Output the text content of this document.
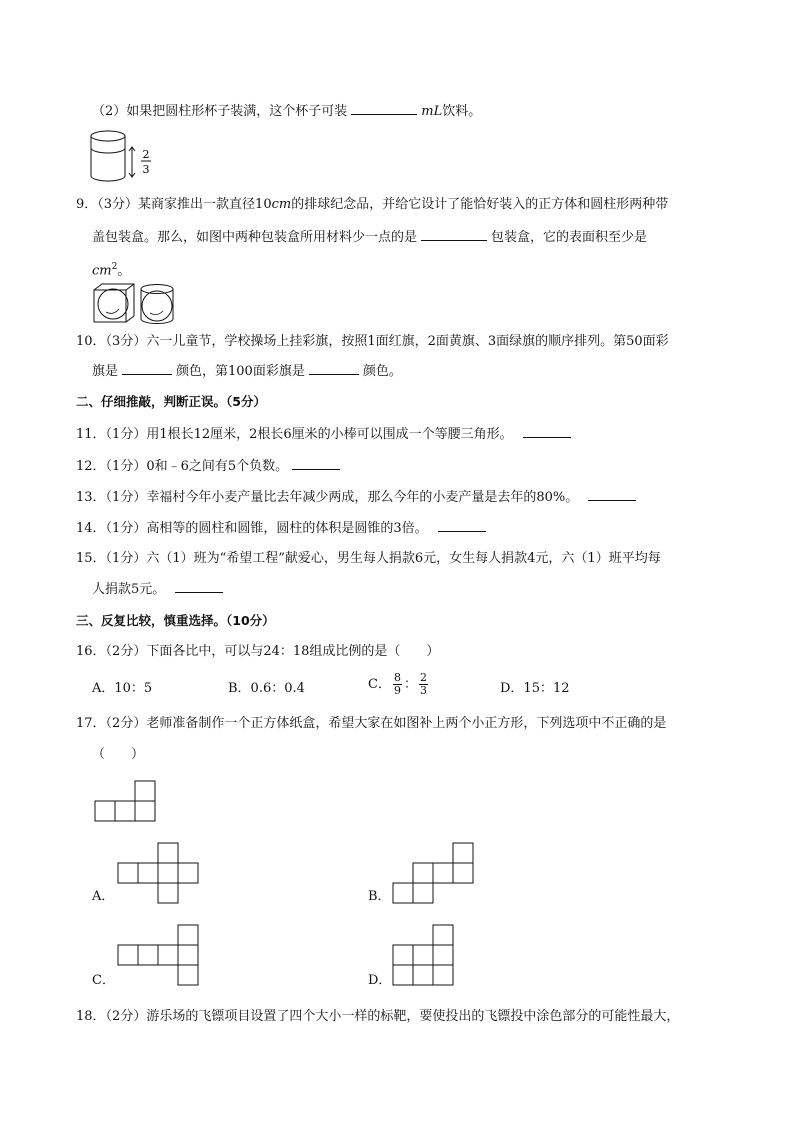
（2）如果把圆柱形杯子装满，这个杯子可装	mL饮料。
2
3
9．（3分）某商家推出一款直径10cm的排球纪念品，并给它设计了能恰好装入的正方体和圆柱形两种带
盖包装盒。那么，如图中两种包装盒所用材料少一点的是	包装盒，它的表面积至少是
$cm^2$。
10．（3分）六一儿童节，学校操场上挂彩旗，按照1面红旗，2面黄旗、3面绿旗的顺序排列。第50面彩
旗是	颜色，第100面彩旗是	颜色。
二、仔细推敲，判断正误。（5分）
11．（1分）用1根长12厘米，2根长6厘米的小棒可以围成一个等腰三角形。
12．（1分）0和﹣6之间有5个负数。
13．（1分）幸福村今年小麦产量比去年减少两成，那么今年的小麦产量是去年的80%。
14．（1分）高相等的圆柱和圆锥，圆柱的体积是圆锥的3倍。
15．（1分）六（1）班为“希望工程”献爱心，男生每人捐款6元，女生每人捐款4元，六（1）班平均每
人捐款5元。
三、反复比较，慎重选择。（10分）
16．（2分）下面各比中，可以与24：18组成比例的是（　　）
A．10：5	B．0.6：0.4	C． $\frac{8}{9}$ ： $\frac{2}{3}$	D．15：12
17．（2分）老师准备制作一个正方体纸盒，希望大家在如图补上两个小正方形，下列选项中不正确的是
（　　）
A．	B．
C．	D．
18．（2分）游乐场的飞镖项目设置了四个大小一样的标靶，要使投出的飞镖投中涂色部分的可能性最大，
